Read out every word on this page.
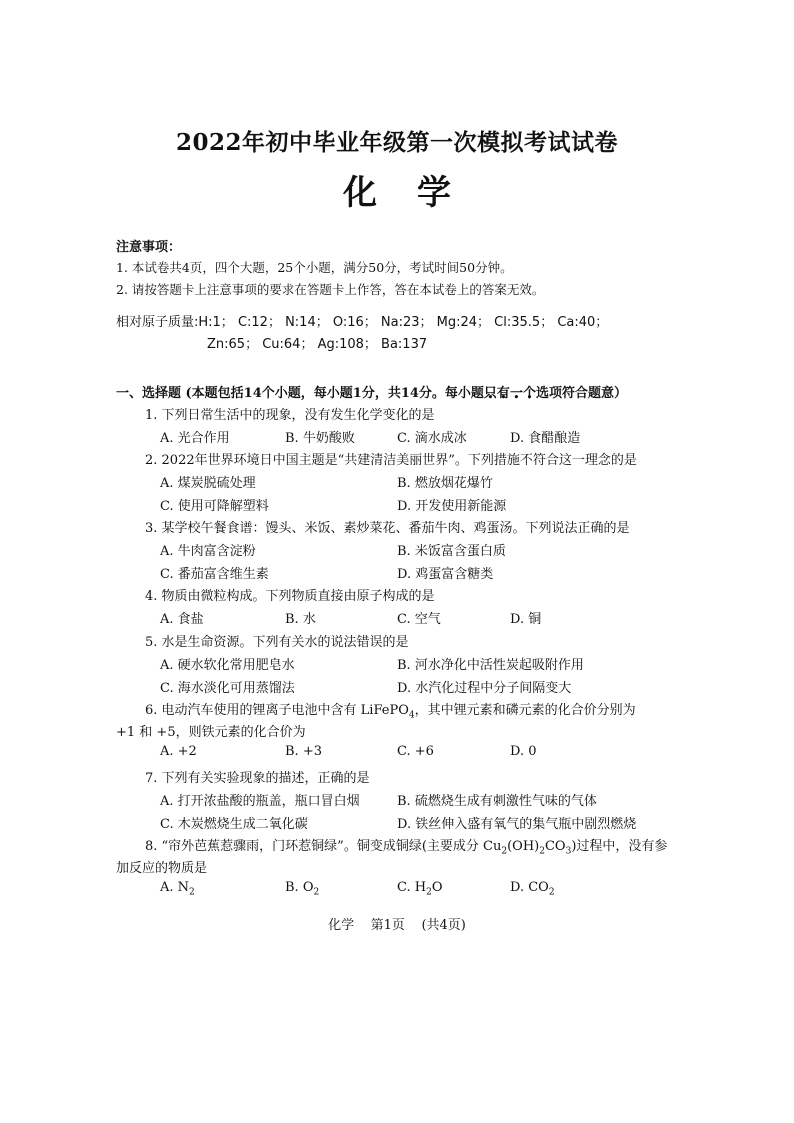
2022年初中毕业年级第一次模拟考试试卷
化学
注意事项：
1. 本试卷共4页，四个大题，25个小题，满分50分，考试时间50分钟。
2. 请按答题卡上注意事项的要求在答题卡上作答，答在本试卷上的答案无效。
相对原子质量:H:1； C:12； N:14； O:16； Na:23； Mg:24； Cl:35.5； Ca:40；
Zn:65； Cu:64； Ag:108； Ba:137
一、选择题 (本题包括14个小题，每小题1分，共14分。每小题只有一个选项符合题意）
1. 下列日常生活中的现象，没有发生化学变化的是
A. 光合作用	B. 牛奶酸败	C. 滴水成冰	D. 食醋酿造
2. 2022年世界环境日中国主题是“共建清洁美丽世界”。下列措施不符合这一理念的是
A. 煤炭脱硫处理	B. 燃放烟花爆竹
C. 使用可降解塑料	D. 开发使用新能源
3. 某学校午餐食谱：馒头、米饭、素炒菜花、番茄牛肉、鸡蛋汤。下列说法正确的是
A. 牛肉富含淀粉	B. 米饭富含蛋白质
C. 番茄富含维生素	D. 鸡蛋富含糖类
4. 物质由微粒构成。下列物质直接由原子构成的是
A. 食盐	B. 水	C. 空气	D. 铜
5. 水是生命资源。下列有关水的说法错误的是
A. 硬水软化常用肥皂水	B. 河水净化中活性炭起吸附作用
C. 海水淡化可用蒸馏法	D. 水汽化过程中分子间隔变大
6. 电动汽车使用的锂离子电池中含有 LiFePO$_4$，其中锂元素和磷元素的化合价分别为
+1 和 +5，则铁元素的化合价为
A. +2	B. +3	C. +6	D. 0
7. 下列有关实验现象的描述，正确的是
A. 打开浓盐酸的瓶盖，瓶口冒白烟	B. 硫燃烧生成有刺激性气味的气体
C. 木炭燃烧生成二氧化碳	D. 铁丝伸入盛有氧气的集气瓶中剧烈燃烧
8. “帘外芭蕉惹骤雨，门环惹铜绿”。铜变成铜绿(主要成分 $Cu_2(OH)_2CO_3$)过程中，没有参
加反应的物质是
A. $N_2$	B. $O_2$	C. $H_2O$	D. $CO_2$
化学    第1页    (共4页)
